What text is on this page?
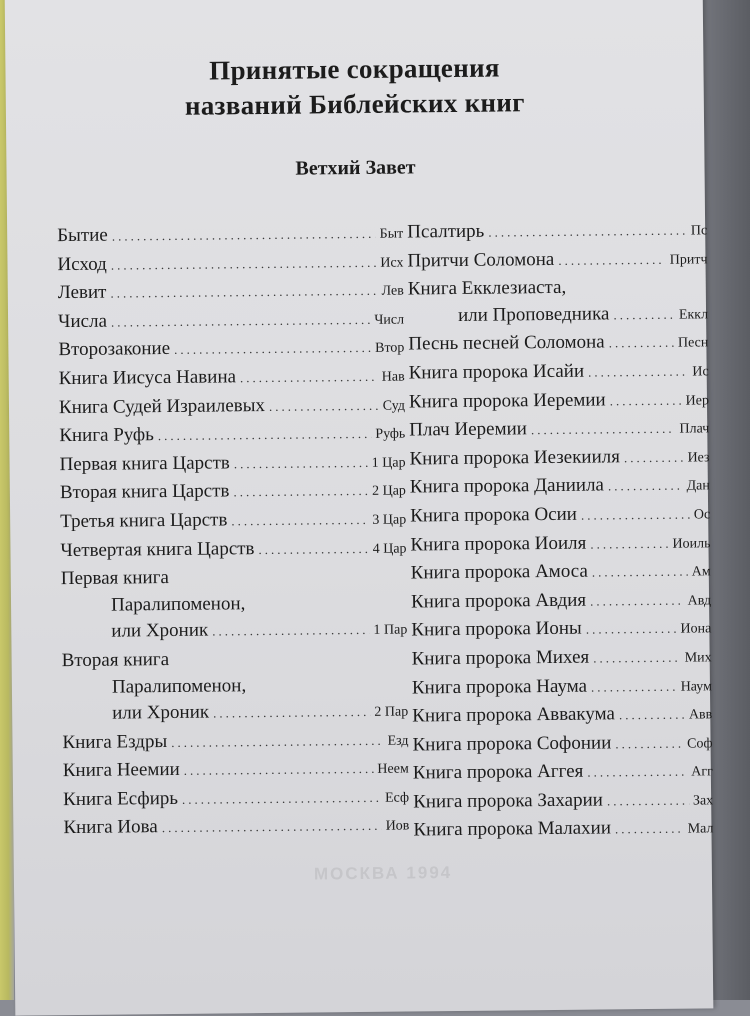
МОСКВА 1994
Принятые сокращения
названий Библейских книг
Ветхий Завет
Бытие .....	Быт
Исход .....	Исх
Левит .....	Лев
Числа .....	Числ
Второзаконие .....	Втор
Книга Иисуса Навина .....	Нав
Книга Судей Израилевых .....	Суд
Книга Руфь .....	Руфь
Первая книга Царств .....	1 Цар
Вторая книга Царств .....	2 Цар
Третья книга Царств .....	3 Цар
Четвертая книга Царств .....	4 Цар
Первая книга
Паралипоменон,
или Хроник .....	1 Пар
Вторая книга
Паралипоменон,
или Хроник .....	2 Пар
Книга Ездры .....	Езд
Книга Неемии .....	Неем
Книга Есфирь .....	Есф
Книга Иова .....	Иов
Псалтирь .....	Пс
Притчи Соломона .....	Притч
Книга Екклезиаста,
или Проповедника .....	Еккл
Песнь песней Соломона .....	Песн
Книга пророка Исайи .....	Ис
Книга пророка Иеремии .....	Иер
Плач Иеремии .....	Плач
Книга пророка Иезекииля .....	Иез
Книга пророка Даниила .....	Дан
Книга пророка Осии .....	Ос
Книга пророка Иоиля .....	Иоиль
Книга пророка Амоса .....	Ам
Книга пророка Авдия .....	Авд
Книга пророка Ионы .....	Иона
Книга пророка Михея .....	Мих
Книга пророка Наума .....	Наум
Книга пророка Аввакума .....	Авв
Книга пророка Софонии .....	Соф
Книга пророка Аггея .....	Агг
Книга пророка Захарии .....	Зах
Книга пророка Малахии .....	Мал
